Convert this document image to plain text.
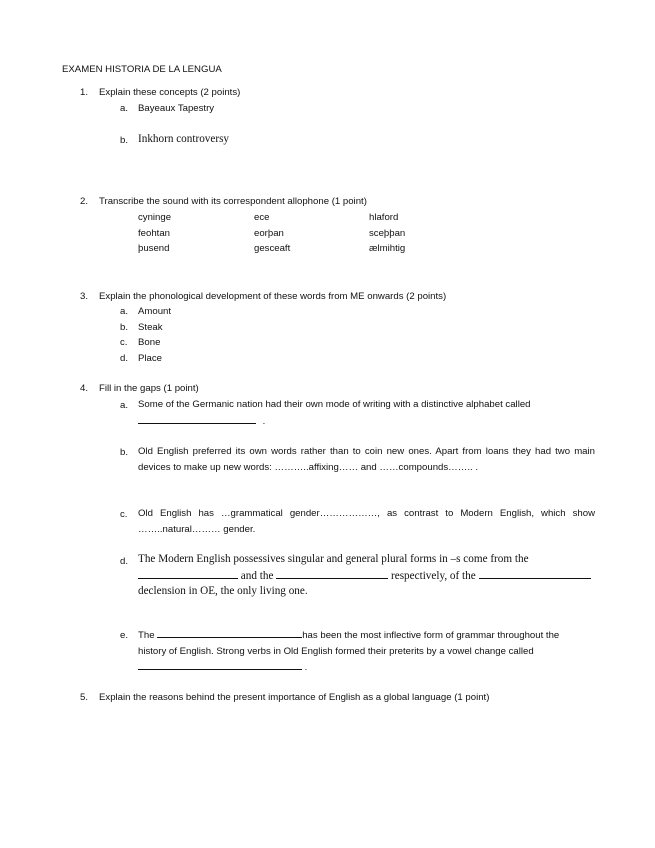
EXAMEN HISTORIA DE LA LENGUA
1. Explain these concepts (2 points)
a. Bayeaux Tapestry
b. Inkhorn controversy
2. Transcribe the sound with its correspondent allophone (1 point)
cyninge	ece	hlaford
feohtan	eorþan	sceþþan
þusend	gesceaft	ælmihtig
3. Explain the phonological development of these words from ME onwards (2 points)
a. Amount
b. Steak
c. Bone
d. Place
4. Fill in the gaps (1 point)
a. Some of the Germanic nation had their own mode of writing with a distinctive alphabet called
.
b. Old English preferred its own words rather than to coin new ones. Apart from loans they had two main devices to make up new words: ………..affixing…… and ……compounds…….. .
c. Old English has …grammatical gender………………, as contrast to Modern English, which show ……..natural……… gender.
d. The Modern English possessives singular and general plural forms in –s come from the
and the	respectively, of the
declension in OE, the only living one.
e. The	has been the most inflective form of grammar throughout the
history of English. Strong verbs in Old English formed their preterits by a vowel change called
.
5. Explain the reasons behind the present importance of English as a global language (1 point)
